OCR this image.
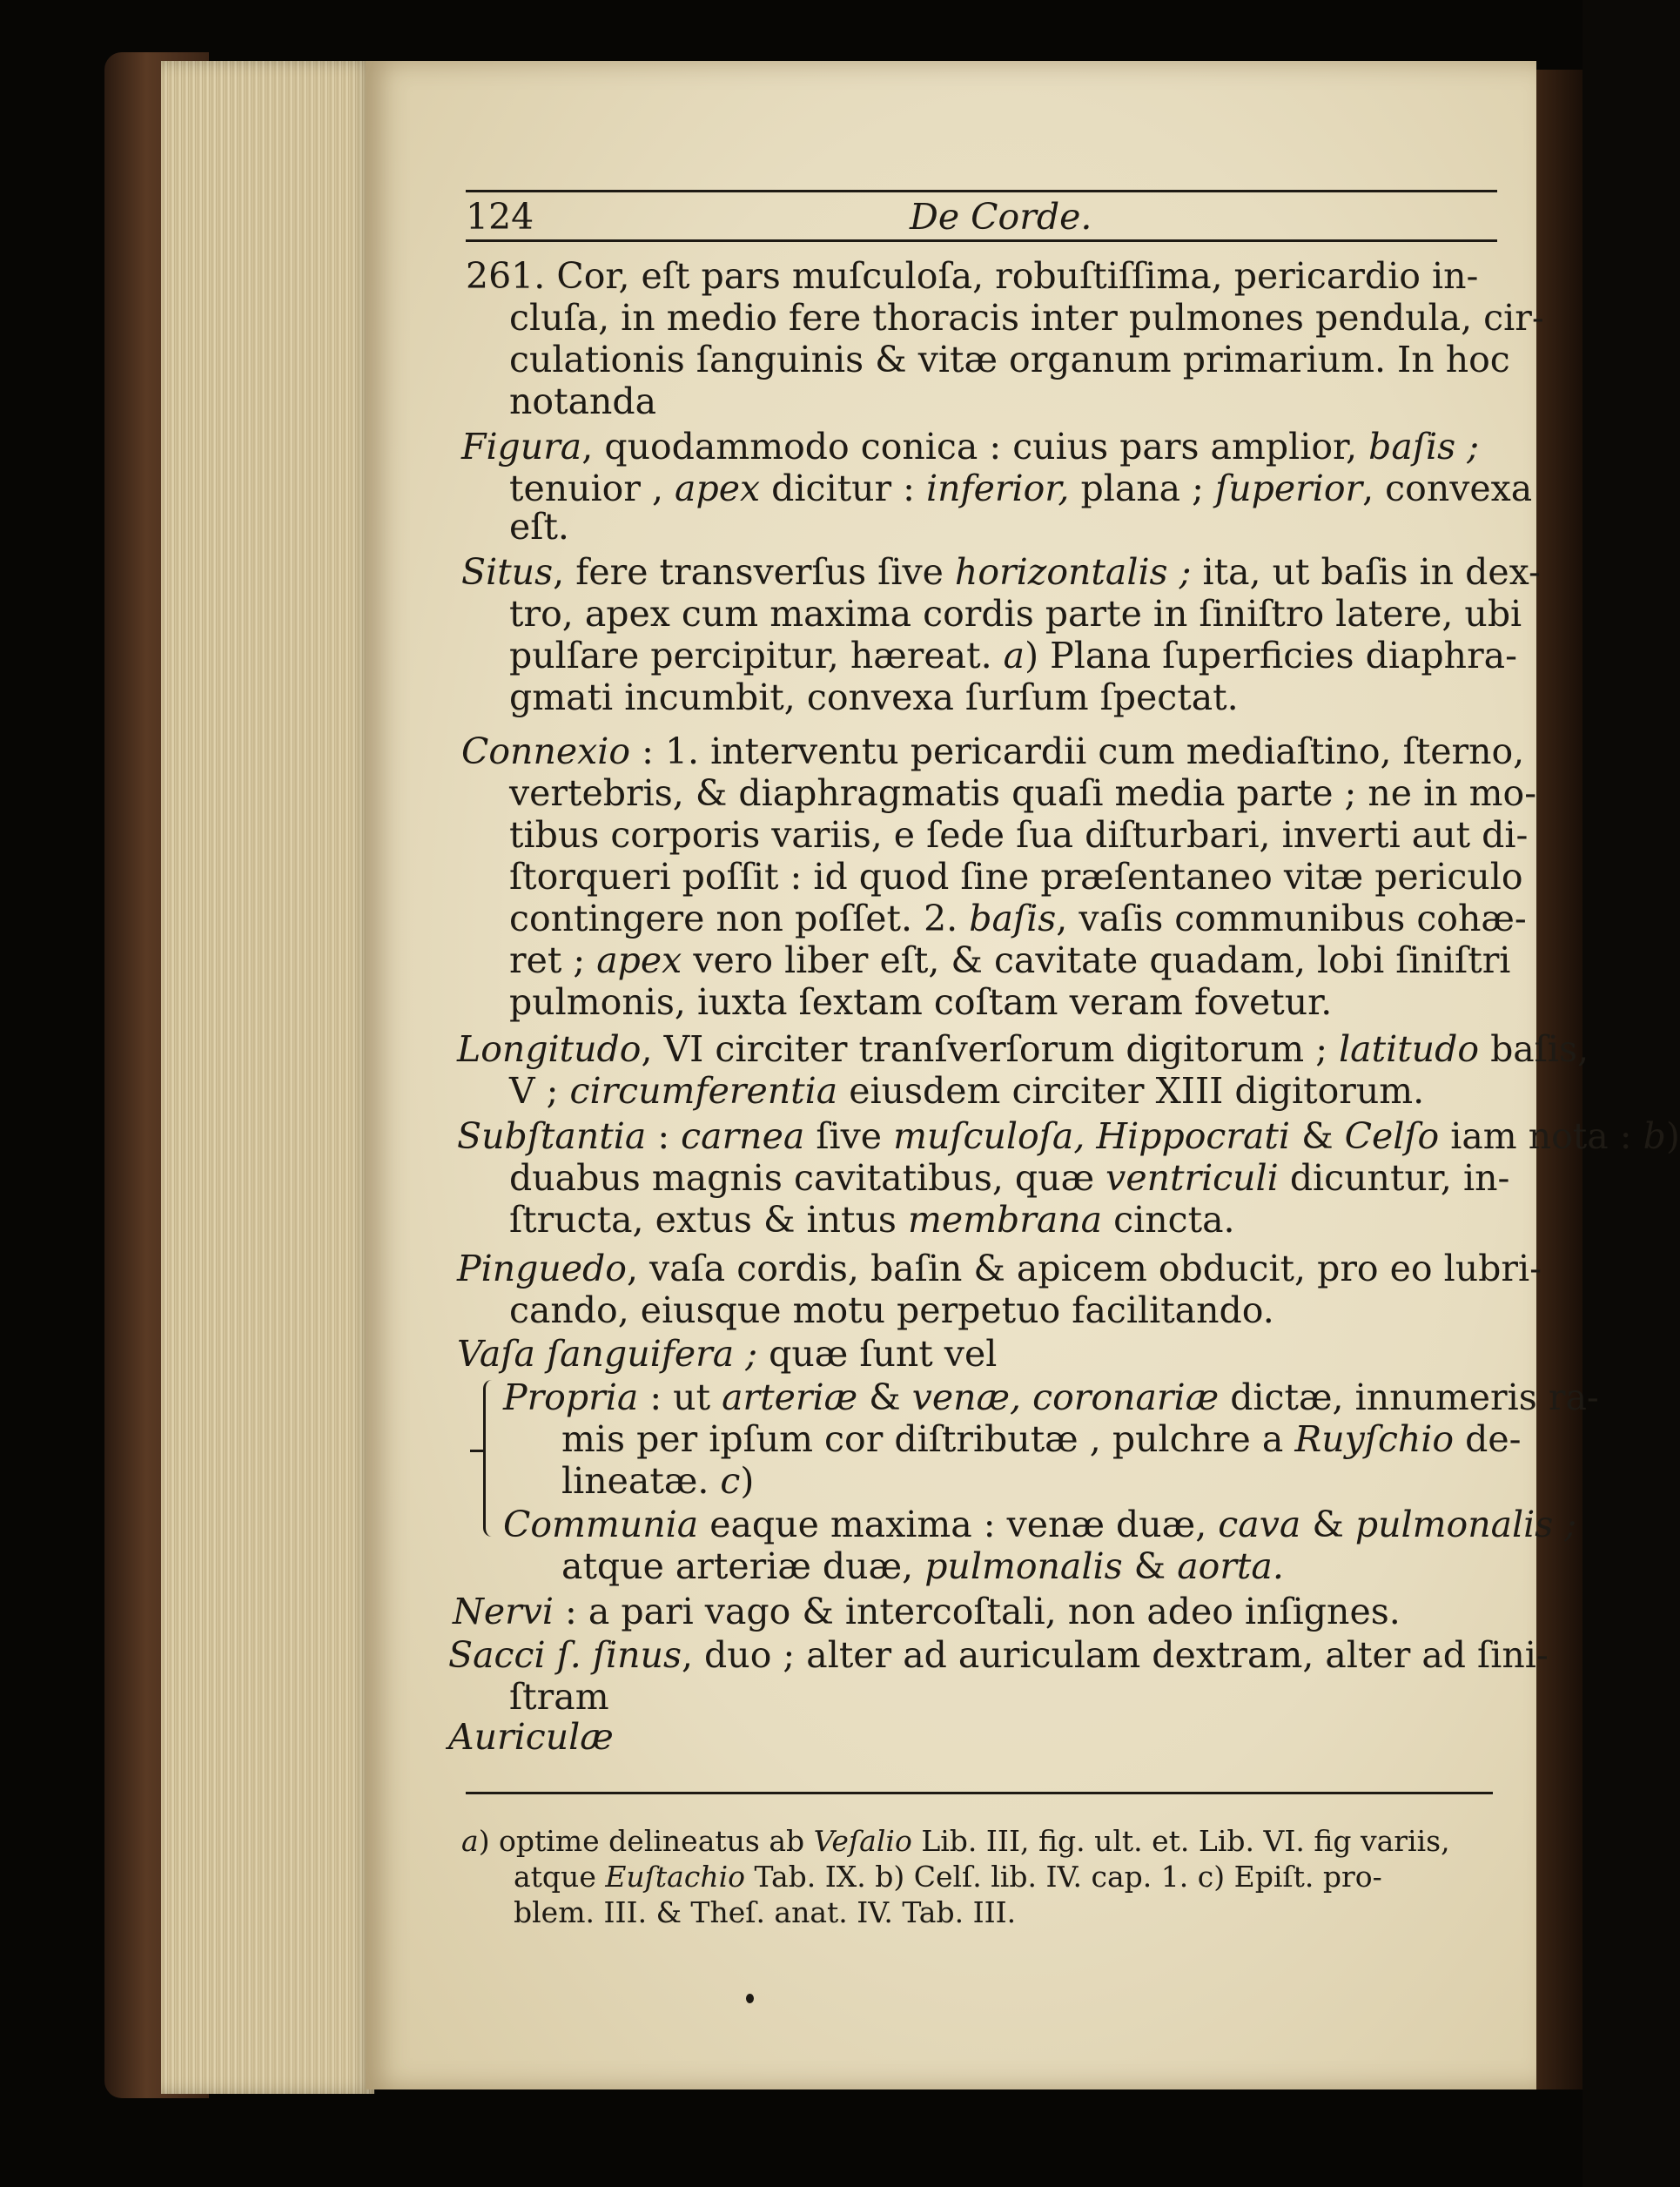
124	De Corde.
261. Cor, eſt pars muſculoſa, robuſtiſſima, pericardio in-
cluſa, in medio fere thoracis inter pulmones pendula, cir-
culationis ſanguinis & vitæ organum primarium. In hoc
notanda
Figura, quodammodo conica : cuius pars amplior, baſis ;
tenuior , apex dicitur : inferior, plana ; ſuperior, convexa
eſt.
Situs, fere transverſus ſive horizontalis ; ita, ut baſis in dex-
tro, apex cum maxima cordis parte in ſiniſtro latere, ubi
pulſare percipitur, hæreat. a) Plana ſuperficies diaphra-
gmati incumbit, convexa ſurſum ſpectat.
Connexio : 1. interventu pericardii cum mediaſtino, ſterno,
vertebris, & diaphragmatis quaſi media parte ; ne in mo-
tibus corporis variis, e ſede ſua diſturbari, inverti aut di-
ſtorqueri poſſit : id quod ſine præſentaneo vitæ periculo
contingere non poſſet. 2. baſis, vaſis communibus cohæ-
ret ; apex vero liber eſt, & cavitate quadam, lobi ſiniſtri
pulmonis, iuxta ſextam coſtam veram fovetur.
Longitudo, VI circiter tranſverſorum digitorum ; latitudo baſis,
V ; circumferentia eiusdem circiter XIII digitorum.
Subſtantia : carnea ſive muſculoſa, Hippocrati & Celſo iam nota : b)
duabus magnis cavitatibus, quæ ventriculi dicuntur, in-
ſtructa, extus & intus membrana cincta.
Pinguedo, vaſa cordis, baſin & apicem obducit, pro eo lubri-
cando, eiusque motu perpetuo facilitando.
Vaſa ſanguifera ; quæ ſunt vel
Propria : ut arteriæ & venæ, coronariæ dictæ, innumeris ra-
mis per ipſum cor diſtributæ , pulchre a Ruyſchio de-
lineatæ. c)
Communia eaque maxima : venæ duæ, cava & pulmonalis ;
atque arteriæ duæ, pulmonalis & aorta.
Nervi : a pari vago & intercoſtali, non adeo inſignes.
Sacci ſ. ſinus, duo ; alter ad auriculam dextram, alter ad ſini-
ſtram
Auriculæ
a) optime delineatus ab Veſalio Lib. III, fig. ult. et. Lib. VI. fig variis,
atque Euſtachio Tab. IX. b) Celſ. lib. IV. cap. 1. c) Epiſt. pro-
blem. III. & Theſ. anat. IV. Tab. III.
